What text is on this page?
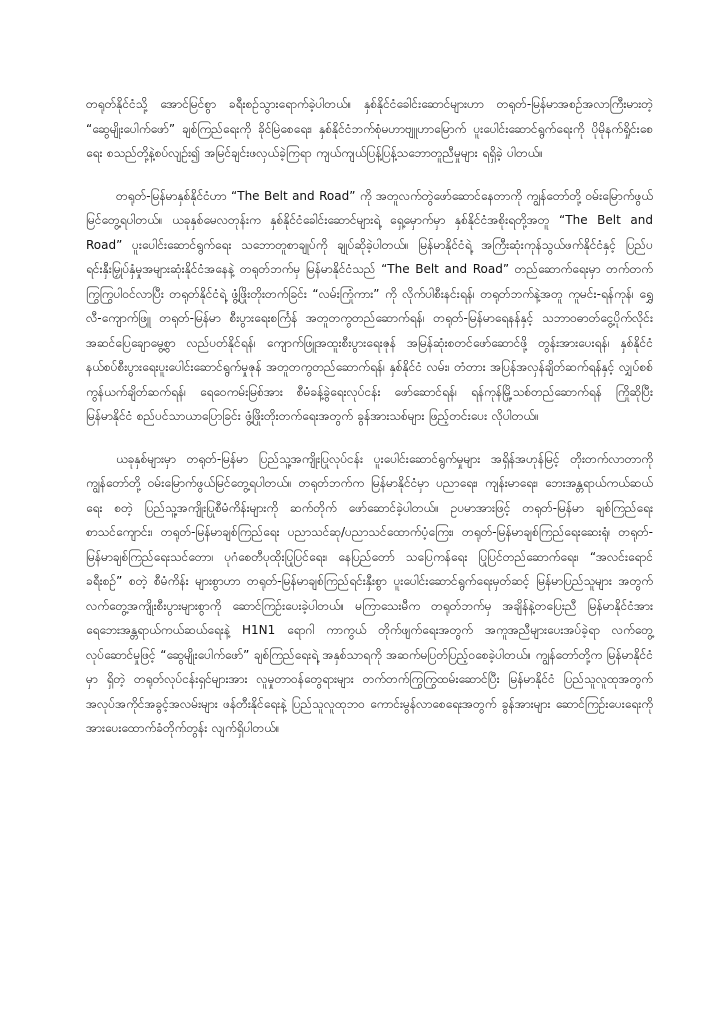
တရုတ်နိုင်ငံသို့ အောင်မြင်စွာ ခရီးစဉ်သွားရောက်ခဲ့ပါတယ်။ နှစ်နိုင်ငံခေါင်းဆောင်များဟာ တရုတ်-မြန်မာအစဉ်အလာကြီးမားတဲ့ “ဆွေမျိုးပေါက်ဖော်” ချစ်ကြည်ရေးကို ခိုင်မြဲစေရေး၊ နှစ်နိုင်ငံဘက်စုံမဟာဗျူဟာမြောက် ပူးပေါင်းဆောင်ရွက်ရေးကို ပိုမိုနက်ရှိုင်းစေရေး စသည်တို့နဲ့စပ်လျဉ်း၍ အမြင်ချင်းဖလှယ်ခဲ့ကြရာ ကျယ်ကျယ်ပြန့်ပြန့်သဘောတူညီမှုများ ရရှိခဲ့ ပါတယ်။

တရုတ်-မြန်မာနှစ်နိုင်ငံဟာ “The Belt and Road” ကို အတူလက်တွဲဖော်ဆောင်နေတာကို ကျွန်တော်တို့ ဝမ်းမြောက်ဖွယ် မြင်တွေ့ရပါတယ်။ ယခုနှစ်မေလတုန်းက နှစ်နိုင်ငံခေါင်းဆောင်များရဲ့ ရှေ့မှောက်မှာ နှစ်နိုင်ငံအစိုးရတို့အတူ “The Belt and Road” ပူးပေါင်းဆောင်ရွက်ရေး သဘောတူစာချုပ်ကို ချုပ်ဆိုခဲ့ပါတယ်။ မြန်မာနိုင်ငံရဲ့ အကြီးဆုံးကုန်သွယ်ဖက်နိုင်ငံနှင့် ပြည်ပရင်းနှီးမြှုပ်နှံမှုအများဆုံးနိုင်ငံအနေနဲ့ တရုတ်ဘက်မှ မြန်မာနိုင်ငံသည် “The Belt and Road” တည်ဆောက်ရေးမှာ တက်တက်ကြွကြွပါဝင်လာပြီး တရုတ်နိုင်ငံရဲ့ ဖွံ့ဖြိုးတိုးတက်ခြင်း “လမ်းကြုံကား” ကို လိုက်ပါစီးနင်းရန်၊ တရုတ်ဘက်နဲ့အတူ ကူမင်း-ရန်ကုန်၊ ရွှေလီ-ကျောက်ဖြူ တရုတ်-မြန်မာ စီးပွားရေးစင်္ကြန် အတူတကွတည်ဆောက်ရန်၊ တရုတ်-မြန်မာရေနန်နှင့် သဘာဝဓာတ်ငွေ့ပိုက်လိုင်း အဆင်ပြေချောမွေ့စွာ လည်ပတ်နိုင်ရန်၊ ကျောက်ဖြူအထူးစီးပွားရေးဇုန် အမြန်ဆုံးစတင်ဖော်ဆောင်ဖို့ တွန်းအားပေးရန်၊ နှစ်နိုင်ငံ နယ်စပ်စီးပွားရေးပူးပေါင်းဆောင်ရွက်မှုဇုန် အတူတကွတည်ဆောက်ရန်၊ နှစ်နိုင်ငံ လမ်း၊ တံတား အပြန်အလှန်ချိတ်ဆက်ရန်နှင့် လျှပ်စစ်ကွန်ယက်ချိတ်ဆက်ရန်၊ ရေဝေကမ်းမြစ်အား စီမံခန့်ခွဲရေးလုပ်ငန်း ဖော်ဆောင်ရန်၊ ရန်ကုန်မြို့သစ်တည်ဆောက်ရန် ကြိုဆိုပြီး မြန်မာနိုင်ငံ စည်ပင်သာယာပြောခြင်း ဖွံ့ဖြိုးတိုးတက်ရေးအတွက် ခွန်အားသစ်များ ဖြည့်တင်းပေး လိုပါတယ်။

ယခုနှစ်များမှာ တရုတ်-မြန်မာ ပြည်သူ့အကျိုးပြုလုပ်ငန်း ပူးပေါင်းဆောင်ရွက်မှုများ အရှိန်အဟုန်မြင့် တိုးတက်လာတာကို ကျွန်တော်တို့ ဝမ်းမြောက်ဖွယ်မြင်တွေ့ရပါတယ်။ တရုတ်ဘက်က မြန်မာနိုင်ငံမှာ ပညာရေး၊ ကျန်းမာရေး၊ ဘေးအန္တရာယ်ကယ်ဆယ်ရေး စတဲ့ ပြည်သူ့အကျိုးပြုစီမံကိန်းများကို ဆက်တိုက် ဖော်ဆောင်ခဲ့ပါတယ်။ ဥပမာအားဖြင့် တရုတ်-မြန်မာ ချစ်ကြည်ရေးစာသင်ကျောင်း၊ တရုတ်-မြန်မာချစ်ကြည်ရေး ပညာသင်ဆု/ပညာသင်ထောက်ပံ့ကြေး၊ တရုတ်-မြန်မာချစ်ကြည်ရေးဆေးရုံ၊ တရုတ်-မြန်မာချစ်ကြည်ရေးသင်တော၊ ပုဂံစေတီပုထိုးပြုပြင်ရေး၊ နေပြည်တော် သပြေကန်ရေး ပြုပြင်တည်ဆောက်ရေး၊ “အလင်းရောင်ခရီးစဉ်” စတဲ့ စီမံကိန်း များစွာဟာ တရုတ်-မြန်မာချစ်ကြည်ရင်းနှီးစွာ ပူးပေါင်းဆောင်ရွက်ရေးမှတ်ဆင့် မြန်မာပြည်သူများ အတွက် လက်တွေ့အကျိုးစီးပွားများစွာကို ဆောင်ကြဉ်းပေးခဲ့ပါတယ်။ မကြာသေးမီက တရုတ်ဘက်မှ အချိန်နဲ့တပြေးညီ မြန်မာနိုင်ငံအား ရေဘေးအန္တရာယ်ကယ်ဆယ်ရေးနဲ့ H1N1 ရောဂါ ကာကွယ် တိုက်ဖျက်ရေးအတွက် အကူအညီများပေးအပ်ခဲ့ရာ လက်တွေ့လုပ်ဆောင်မှုဖြင့် “ဆွေမျိုးပေါက်ဖော်” ချစ်ကြည်ရေးရဲ့ အနှစ်သာရကို အဆက်မပြတ်ပြည့်ဝစေခဲ့ပါတယ်။ ကျွန်တော်တို့က မြန်မာနိုင်ငံမှာ ရှိတဲ့ တရုတ်လုပ်ငန်းရှင်များအား လူမှုတာဝန်တွေရားများ တက်တက်ကြွကြွထမ်းဆောင်ပြီး မြန်မာနိုင်ငံ ပြည်သူလူထုအတွက် အလုပ်အကိုင်အခွင့်အလမ်းများ ဖန်တီးနိုင်ရေးနဲ့ ပြည်သူလူထုဘဝ ကောင်းမွန်လာစေရေးအတွက် ခွန်အားများ ဆောင်ကြဉ်းပေးရေးကို အားပေးထောက်ခံတိုက်တွန်း လျက်ရှိပါတယ်။
